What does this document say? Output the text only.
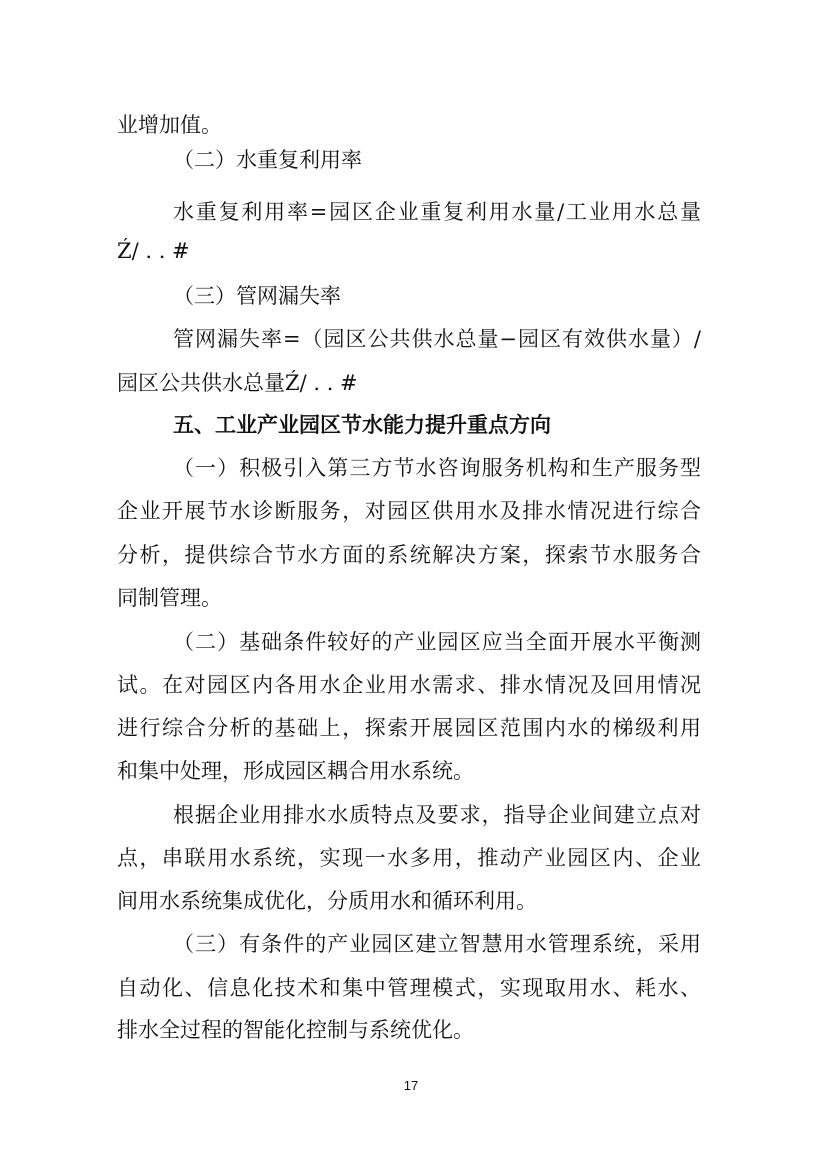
业增加值。
（二）水重复利用率
水重复利用率=园区企业重复利用水量/工业用水总量
Ź/ . . #
（三）管网漏失率
管网漏失率=（园区公共供水总量−园区有效供水量）/
园区公共供水总量Ź/ . . #
五、工业产业园区节水能力提升重点方向
（一）积极引入第三方节水咨询服务机构和生产服务型
企业开展节水诊断服务，对园区供用水及排水情况进行综合
分析，提供综合节水方面的系统解决方案，探索节水服务合
同制管理。
（二）基础条件较好的产业园区应当全面开展水平衡测
试。在对园区内各用水企业用水需求、排水情况及回用情况
进行综合分析的基础上，探索开展园区范围内水的梯级利用
和集中处理，形成园区耦合用水系统。
根据企业用排水水质特点及要求，指导企业间建立点对
点，串联用水系统，实现一水多用，推动产业园区内、企业
间用水系统集成优化，分质用水和循环利用。
（三）有条件的产业园区建立智慧用水管理系统，采用
自动化、信息化技术和集中管理模式，实现取用水、耗水、
排水全过程的智能化控制与系统优化。
17
